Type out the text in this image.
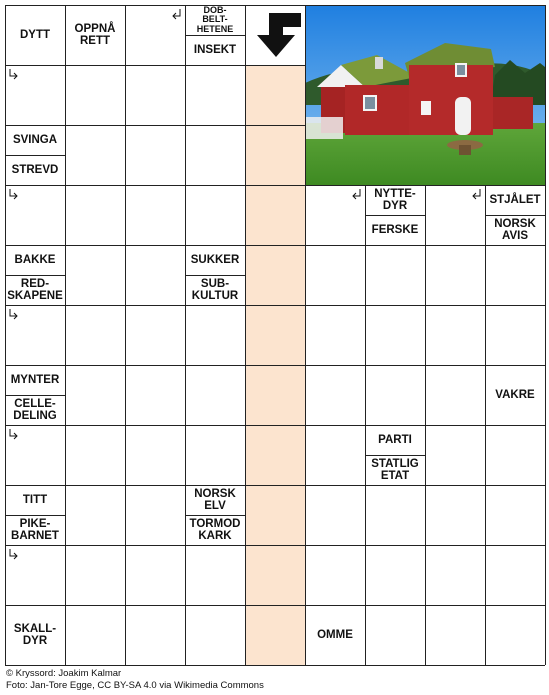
DYTT
OPPNÅ
RETT
DOB-
BELT-
HETENE
INSEKT
SVINGA
STREVD
NYTTE-
DYR
FERSKE
STJÅLET
NORSK
AVIS
BAKKE
RED-
SKAPENE
SUKKER
SUB-
KULTUR
MYNTER
CELLE-
DELING
VAKRE
PARTI
STATLIG
ETAT
TITT
PIKE-
BARNET
NORSK
ELV
TORMOD
KARK
SKALL-
DYR
OMME
© Kryssord: Joakim Kalmar
Foto: Jan-Tore Egge, CC BY-SA 4.0 via Wikimedia Commons
